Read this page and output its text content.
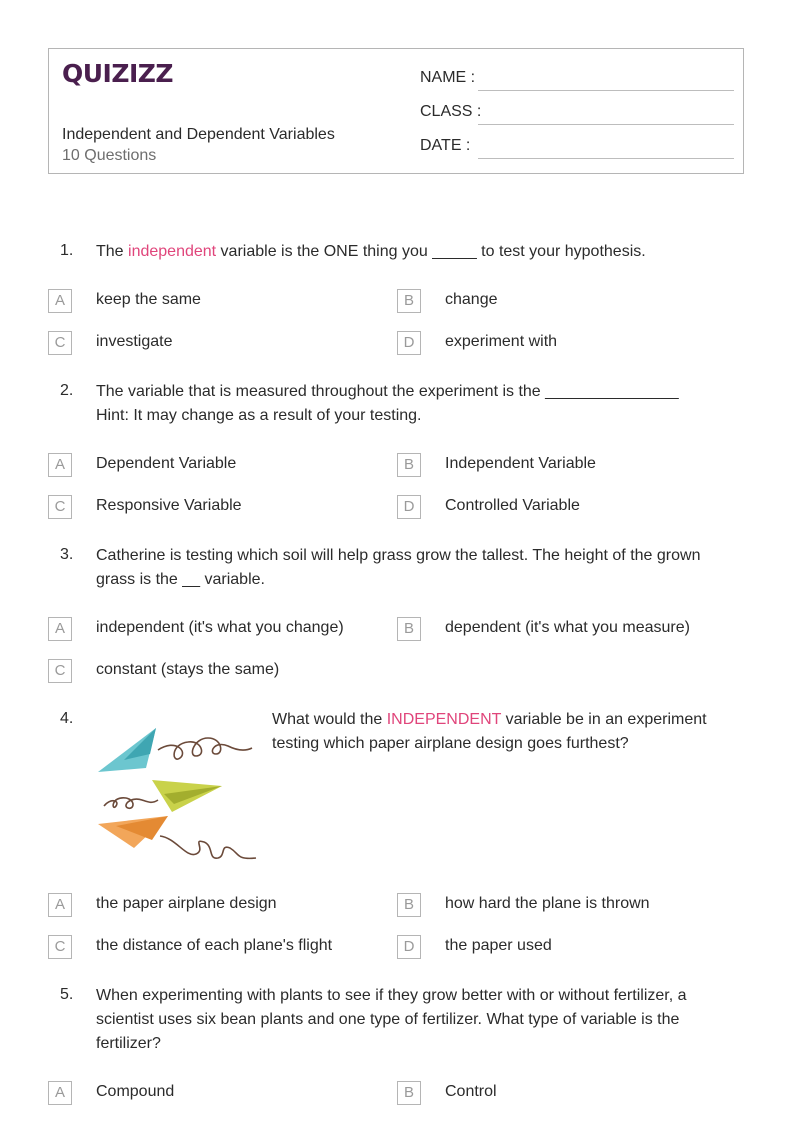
QUIZIZZ
Independent and Dependent Variables
10 Questions
NAME :
CLASS :
DATE :
1. The independent variable is the ONE thing you _____ to test your hypothesis.
A	keep the same	B	change
C	investigate	D	experiment with
2. The variable that is measured throughout the experiment is the _______________
Hint: It may change as a result of your testing.
A	Dependent Variable	B	Independent Variable
C	Responsive Variable	D	Controlled Variable
3. Catherine is testing which soil will help grass grow the tallest. The height of the grown grass is the __ variable.
A	independent (it's what you change)	B	dependent (it's what you measure)
C	constant (stays the same)
4.	What would the INDEPENDENT variable be in an experiment testing which paper airplane design goes furthest?
A	the paper airplane design	B	how hard the plane is thrown
C	the distance of each plane's flight	D	the paper used
5. When experimenting with plants to see if they grow better with or without fertilizer, a scientist uses six bean plants and one type of fertilizer. What type of variable is the fertilizer?
A	Compound	B	Control
